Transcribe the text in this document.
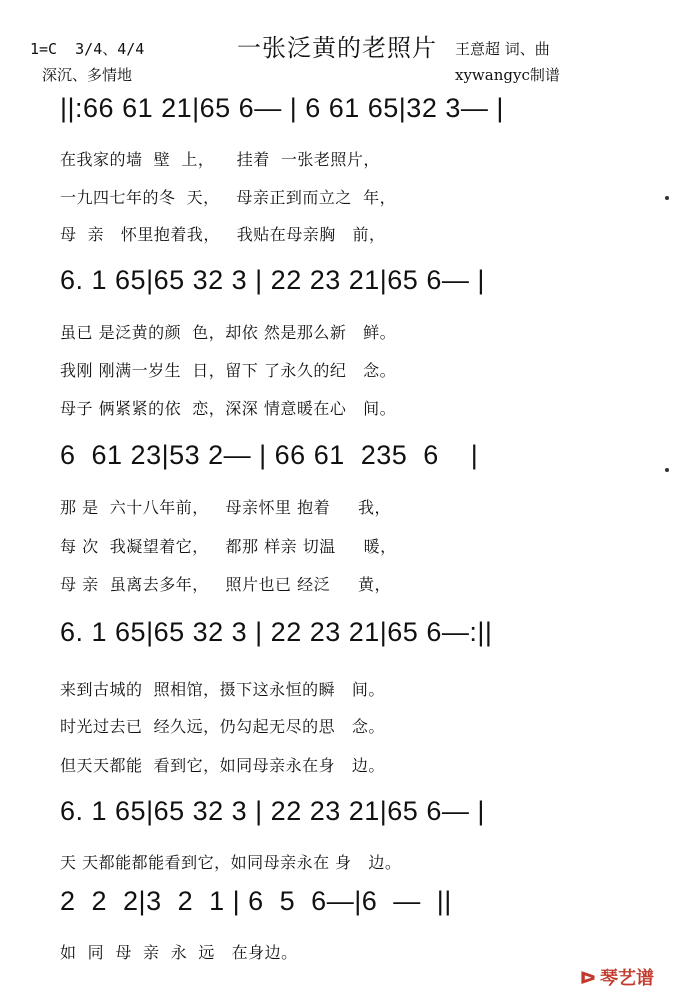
1=C  3/4、4/4	一张泛黄的老照片	王意超 词、曲
深沉、多情地	xywangyc制谱
||:66 61 21|65 6— | 6 61 65|32 3— |
在我家的墙  壁  上，    挂着  一张老照片，
一九四七年的冬  天，   母亲正到而立之  年，
母  亲   怀里抱着我，   我贴在母亲胸   前，
6. 1 65|65 32 3 | 22 23 21|65 6— |
虽已 是泛黄的颜  色，却依 然是那么新   鲜。
我刚 刚满一岁生  日，留下 了永久的纪   念。
母子 俩紧紧的依  恋，深深 情意暖在心   间。
6  61 23|53 2— | 66 61  235  6    |
那 是  六十八年前，   母亲怀里 抱着     我，
每 次  我凝望着它，   都那 样亲 切温     暖，
母 亲  虽离去多年，   照片也已 经泛     黄，
6. 1 65|65 32 3 | 22 23 21|65 6—:||
来到古城的  照相馆，摄下这永恒的瞬   间。
时光过去已  经久远，仍勾起无尽的思   念。
但天天都能  看到它，如同母亲永在身   边。
6. 1 65|65 32 3 | 22 23 21|65 6— |
天 天都能都能看到它，如同母亲永在 身   边。
2  2  2|3  2  1 | 6  5  6—|6  —  ||
如  同  母  亲  永  远   在身边。
ᐅ 琴艺谱
